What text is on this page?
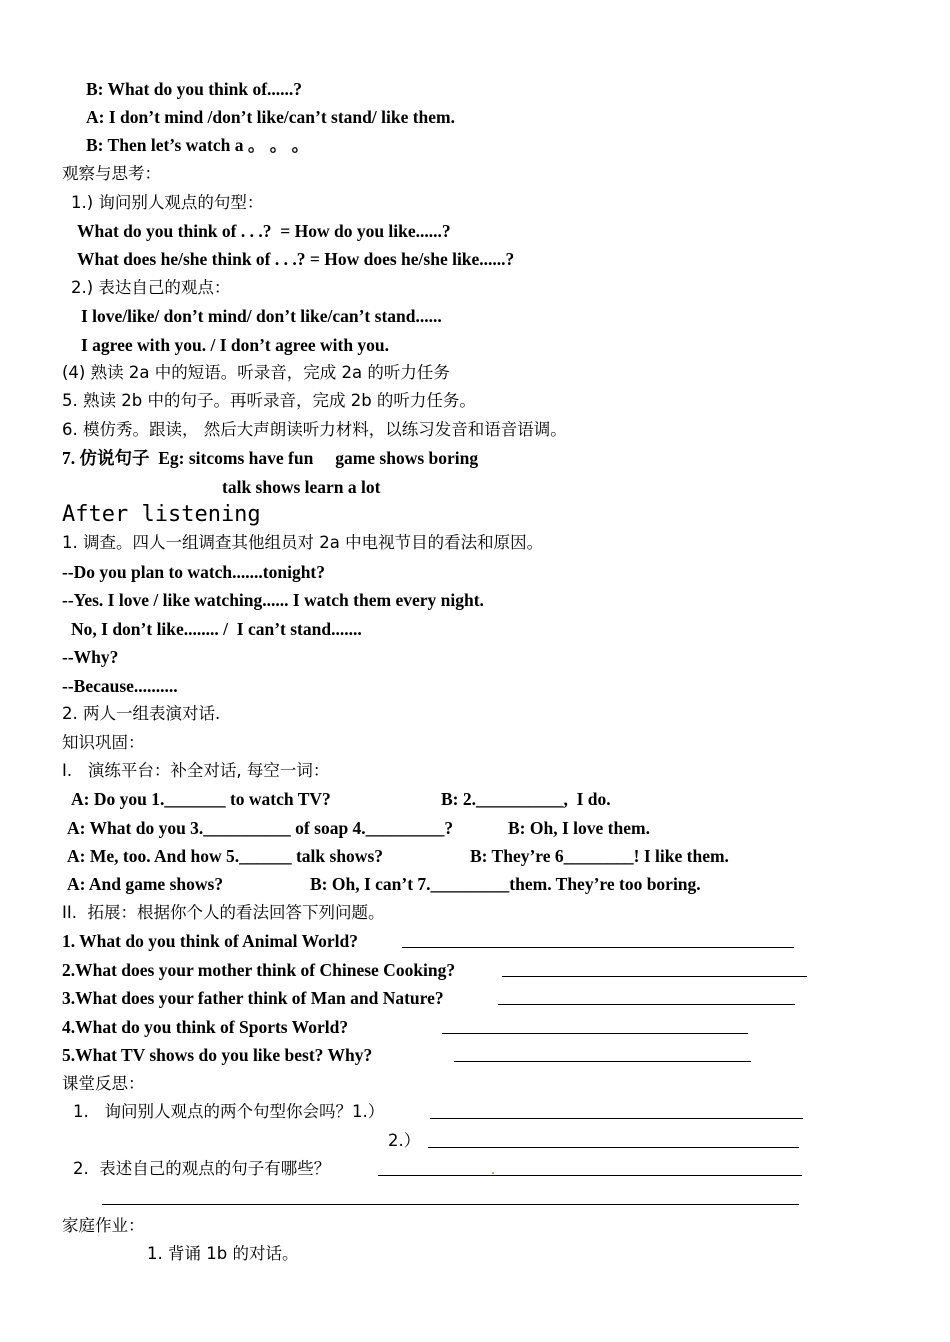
B: What do you think of......?
A: I don’t mind /don’t like/can’t stand/ like them.
B: Then let’s watch a 。 。 。
观察与思考：
1.) 询问别人观点的句型：
What do you think of . . .?  = How do you like......?
What does he/she think of . . .? = How does he/she like......?
2.) 表达自己的观点：
I love/like/ don’t mind/ don’t like/can’t stand......
I agree with you. / I don’t agree with you.
(4) 熟读 2a 中的短语。听录音，完成 2a 的听力任务
5. 熟读 2b 中的句子。再听录音，完成 2b 的听力任务。
6. 模仿秀。跟读， 然后大声朗读听力材料，以练习发音和语音语调。
7. 仿说句子  Eg: sitcoms have fun     game shows boring
talk shows learn a lot
After listening
1. 调查。四人一组调查其他组员对 2a 中电视节目的看法和原因。
--Do you plan to watch.......tonight?
--Yes. I love / like watching...... I watch them every night.
No, I don’t like........ /  I can’t stand.......
--Why?
--Because..........
2. 两人一组表演对话.
知识巩固：
I.   演练平台：补全对话, 每空一词：
A: Do you 1._______ to watch TV?	B: 2.__________,  I do.
A: What do you 3.__________ of soap 4._________?	B: Oh, I love them.
A: Me, too. And how 5.______ talk shows?	B: They’re 6________! I like them.
A: And game shows?	B: Oh, I can’t 7._________them. They’re too boring.
II.  拓展：根据你个人的看法回答下列问题。
1. What do you think of Animal World?
2.What does your mother think of Chinese Cooking?
3.What does your father think of Man and Nature?
4.What do you think of Sports World?
5.What TV shows do you like best? Why?
课堂反思：
1.   询问别人观点的两个句型你会吗？1.）
2.）
2.  表述自己的观点的句子有哪些？
家庭作业：
1. 背诵 1b 的对话。
